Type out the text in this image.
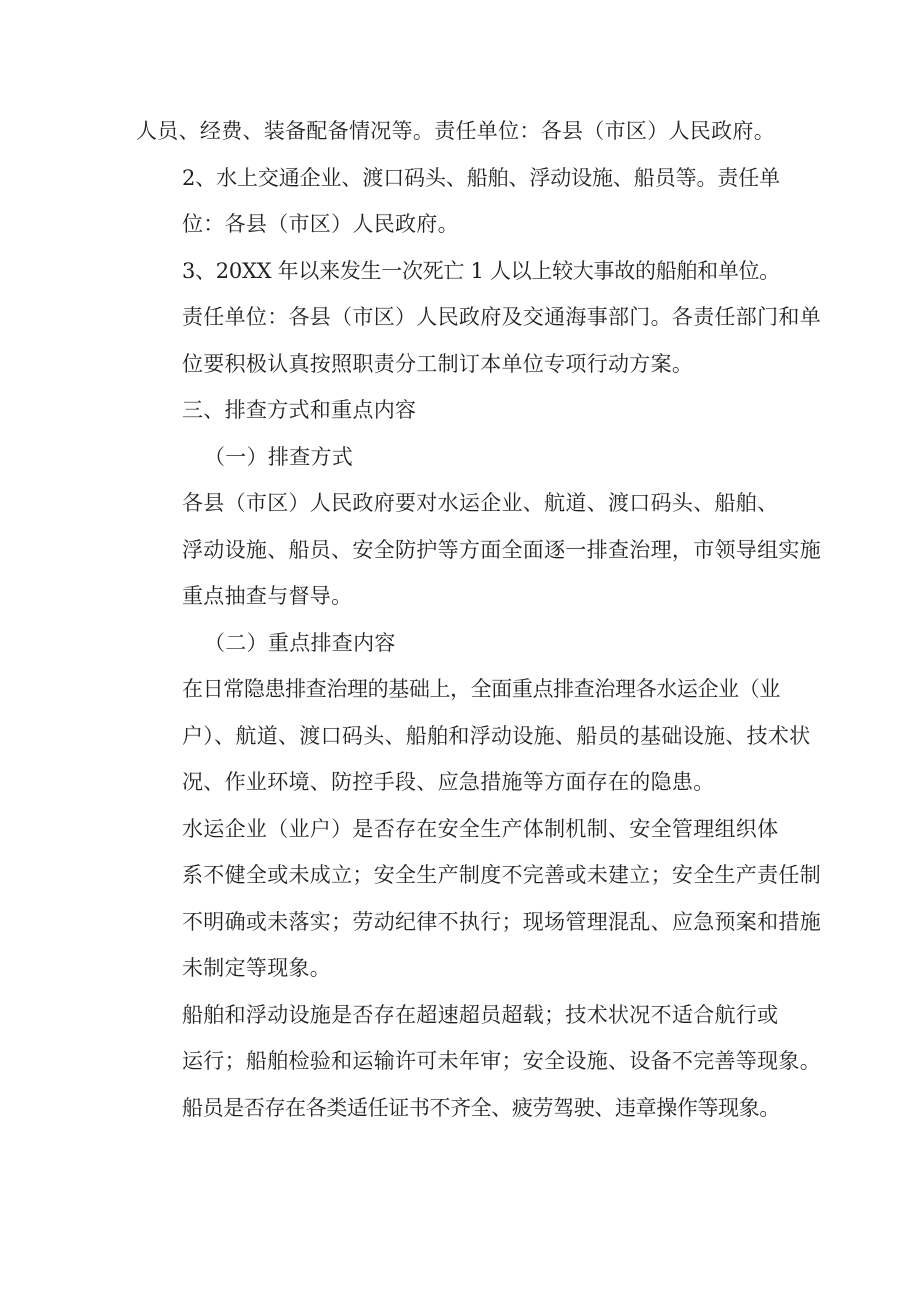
人员、经费、装备配备情况等。责任单位：各县（市区）人民政府。

2、水上交通企业、渡口码头、船舶、浮动设施、船员等。责任单
位：各县（市区）人民政府。

3、20XX 年以来发生一次死亡 1 人以上较大事故的船舶和单位。
责任单位：各县（市区）人民政府及交通海事部门。各责任部门和单
位要积极认真按照职责分工制订本单位专项行动方案。

三、排查方式和重点内容

（一）排查方式

各县（市区）人民政府要对水运企业、航道、渡口码头、船舶、
浮动设施、船员、安全防护等方面全面逐一排查治理，市领导组实施
重点抽查与督导。

（二）重点排查内容

在日常隐患排查治理的基础上，全面重点排查治理各水运企业（业
户）、航道、渡口码头、船舶和浮动设施、船员的基础设施、技术状
况、作业环境、防控手段、应急措施等方面存在的隐患。

水运企业（业户）是否存在安全生产体制机制、安全管理组织体
系不健全或未成立；安全生产制度不完善或未建立；安全生产责任制
不明确或未落实；劳动纪律不执行；现场管理混乱、应急预案和措施
未制定等现象。

船舶和浮动设施是否存在超速超员超载；技术状况不适合航行或
运行；船舶检验和运输许可未年审；安全设施、设备不完善等现象。

船员是否存在各类适任证书不齐全、疲劳驾驶、违章操作等现象。
